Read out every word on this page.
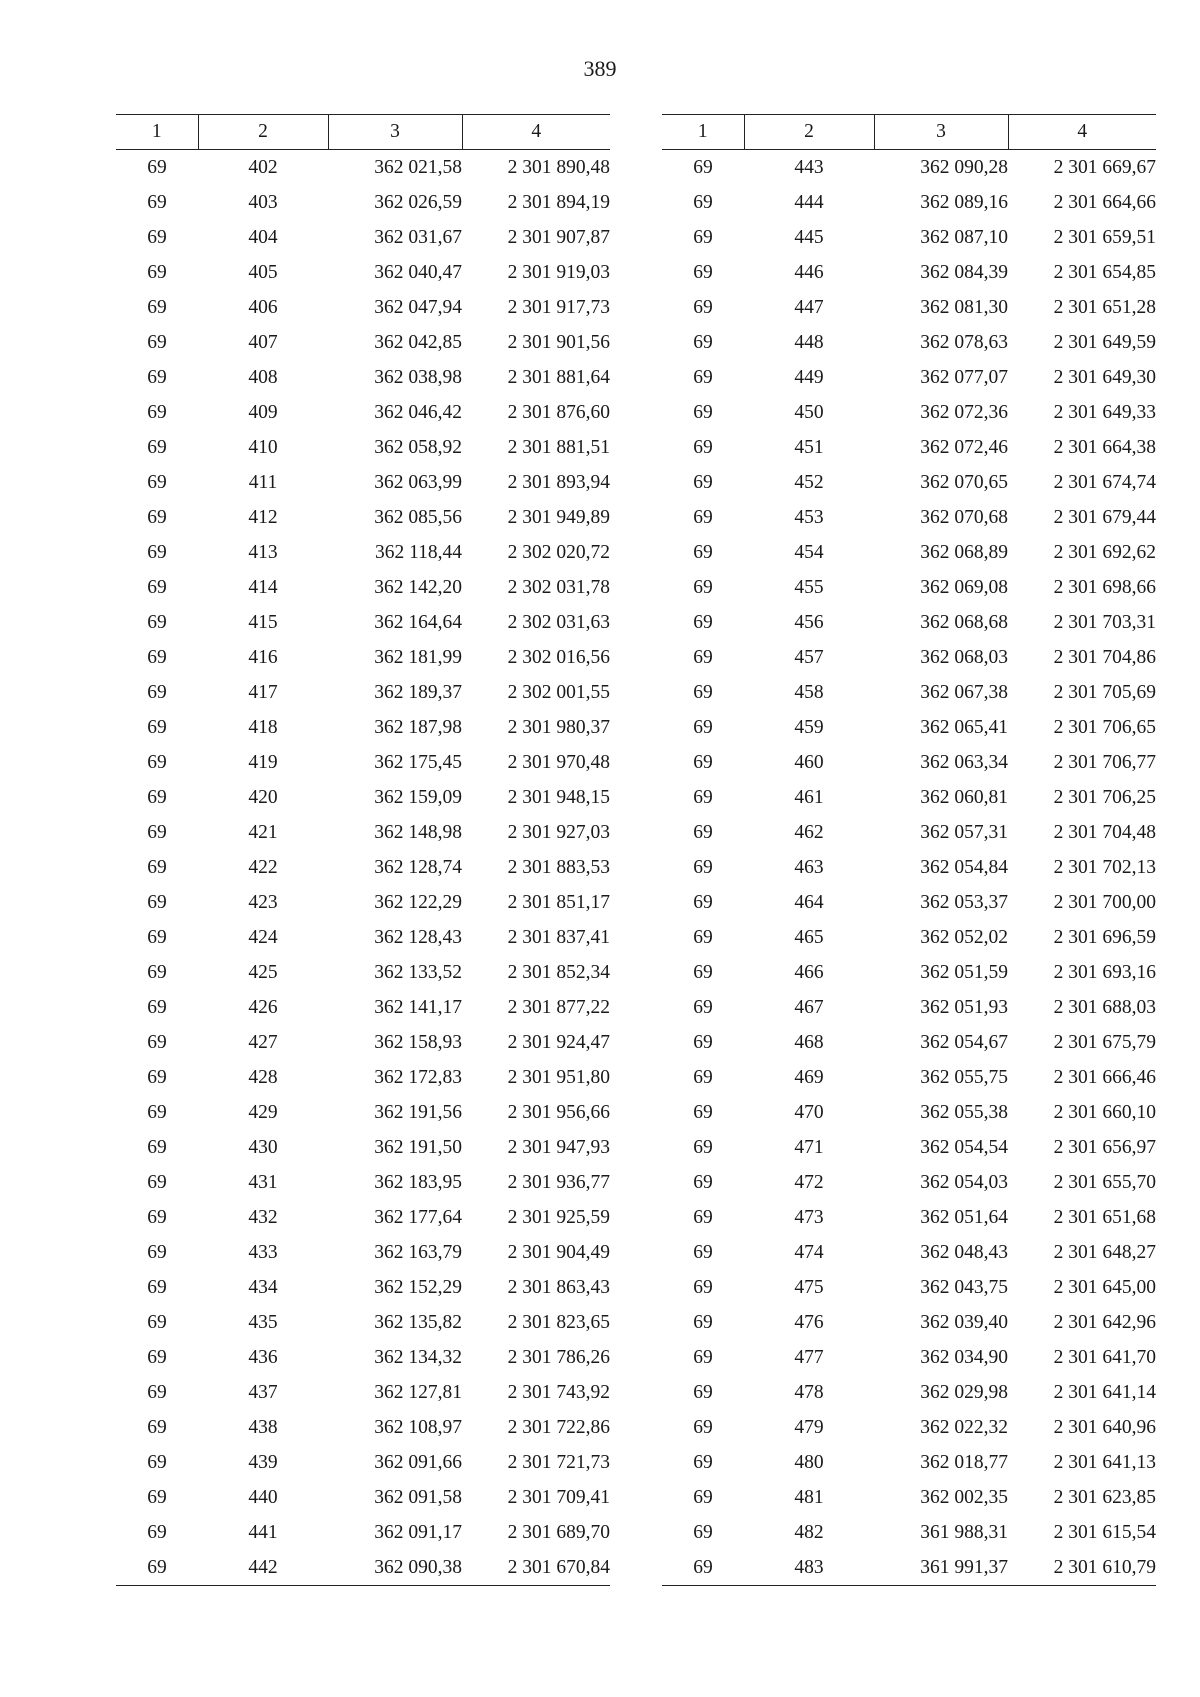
389
1	2	3	4
69	402	362 021,58	2 301 890,48
69	403	362 026,59	2 301 894,19
69	404	362 031,67	2 301 907,87
69	405	362 040,47	2 301 919,03
69	406	362 047,94	2 301 917,73
69	407	362 042,85	2 301 901,56
69	408	362 038,98	2 301 881,64
69	409	362 046,42	2 301 876,60
69	410	362 058,92	2 301 881,51
69	411	362 063,99	2 301 893,94
69	412	362 085,56	2 301 949,89
69	413	362 118,44	2 302 020,72
69	414	362 142,20	2 302 031,78
69	415	362 164,64	2 302 031,63
69	416	362 181,99	2 302 016,56
69	417	362 189,37	2 302 001,55
69	418	362 187,98	2 301 980,37
69	419	362 175,45	2 301 970,48
69	420	362 159,09	2 301 948,15
69	421	362 148,98	2 301 927,03
69	422	362 128,74	2 301 883,53
69	423	362 122,29	2 301 851,17
69	424	362 128,43	2 301 837,41
69	425	362 133,52	2 301 852,34
69	426	362 141,17	2 301 877,22
69	427	362 158,93	2 301 924,47
69	428	362 172,83	2 301 951,80
69	429	362 191,56	2 301 956,66
69	430	362 191,50	2 301 947,93
69	431	362 183,95	2 301 936,77
69	432	362 177,64	2 301 925,59
69	433	362 163,79	2 301 904,49
69	434	362 152,29	2 301 863,43
69	435	362 135,82	2 301 823,65
69	436	362 134,32	2 301 786,26
69	437	362 127,81	2 301 743,92
69	438	362 108,97	2 301 722,86
69	439	362 091,66	2 301 721,73
69	440	362 091,58	2 301 709,41
69	441	362 091,17	2 301 689,70
69	442	362 090,38	2 301 670,84
1	2	3	4
69	443	362 090,28	2 301 669,67
69	444	362 089,16	2 301 664,66
69	445	362 087,10	2 301 659,51
69	446	362 084,39	2 301 654,85
69	447	362 081,30	2 301 651,28
69	448	362 078,63	2 301 649,59
69	449	362 077,07	2 301 649,30
69	450	362 072,36	2 301 649,33
69	451	362 072,46	2 301 664,38
69	452	362 070,65	2 301 674,74
69	453	362 070,68	2 301 679,44
69	454	362 068,89	2 301 692,62
69	455	362 069,08	2 301 698,66
69	456	362 068,68	2 301 703,31
69	457	362 068,03	2 301 704,86
69	458	362 067,38	2 301 705,69
69	459	362 065,41	2 301 706,65
69	460	362 063,34	2 301 706,77
69	461	362 060,81	2 301 706,25
69	462	362 057,31	2 301 704,48
69	463	362 054,84	2 301 702,13
69	464	362 053,37	2 301 700,00
69	465	362 052,02	2 301 696,59
69	466	362 051,59	2 301 693,16
69	467	362 051,93	2 301 688,03
69	468	362 054,67	2 301 675,79
69	469	362 055,75	2 301 666,46
69	470	362 055,38	2 301 660,10
69	471	362 054,54	2 301 656,97
69	472	362 054,03	2 301 655,70
69	473	362 051,64	2 301 651,68
69	474	362 048,43	2 301 648,27
69	475	362 043,75	2 301 645,00
69	476	362 039,40	2 301 642,96
69	477	362 034,90	2 301 641,70
69	478	362 029,98	2 301 641,14
69	479	362 022,32	2 301 640,96
69	480	362 018,77	2 301 641,13
69	481	362 002,35	2 301 623,85
69	482	361 988,31	2 301 615,54
69	483	361 991,37	2 301 610,79
